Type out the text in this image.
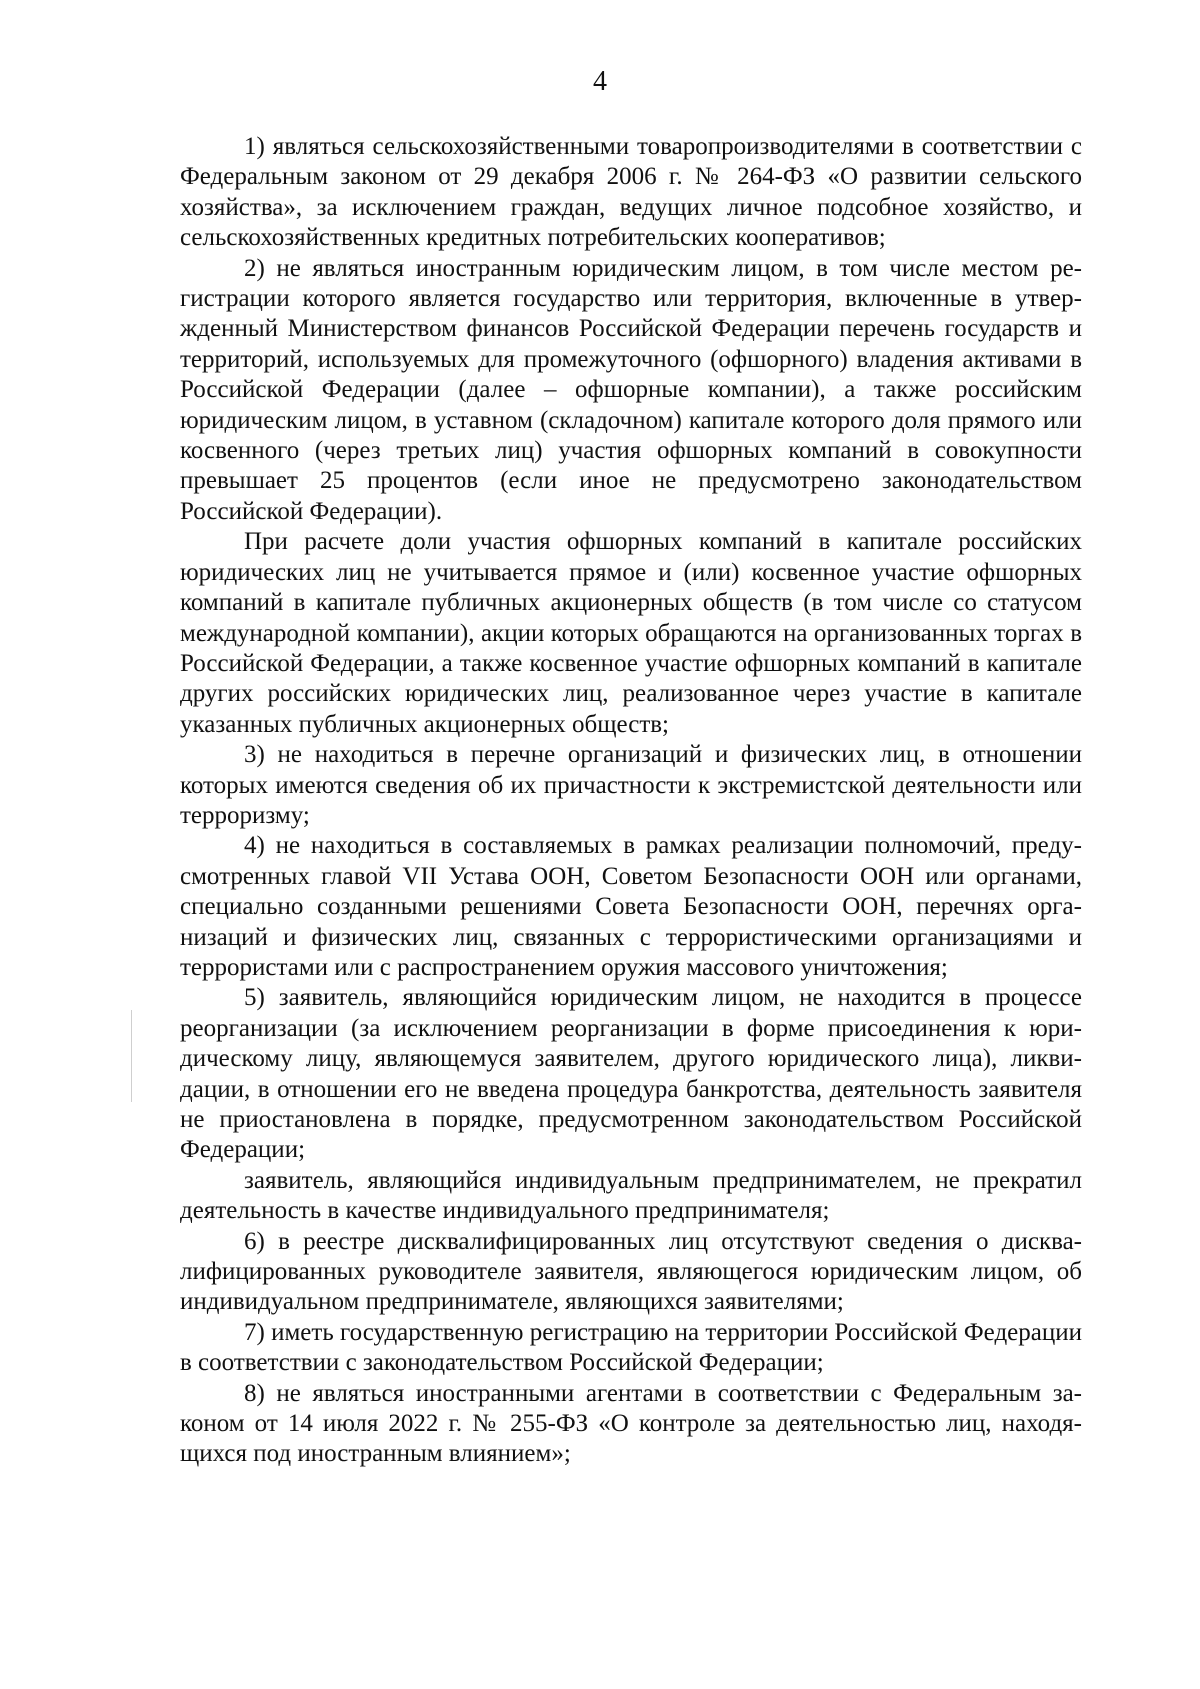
4

1) являться сельскохозяйственными товаропроизводителями в соответствии с Федеральным законом от 29 декабря 2006 г. № 264-ФЗ «О развитии сельского хозяйства», за исключением граждан, ведущих личное подсобное хозяйство, и сельскохозяйственных кредитных потребительских кооперативов;

2) не являться иностранным юридическим лицом, в том числе местом регистрации которого является государство или территория, включенные в утвержденный Министерством финансов Российской Федерации перечень государств и территорий, используемых для промежуточного (офшорного) владения активами в Российской Федерации (далее – офшорные компании), а также российским юридическим лицом, в уставном (складочном) капитале которого доля прямого или косвенного (через третьих лиц) участия офшорных компаний в совокупности превышает 25 процентов (если иное не предусмотрено законодательством Российской Федерации).

При расчете доли участия офшорных компаний в капитале российских юридических лиц не учитывается прямое и (или) косвенное участие офшорных компаний в капитале публичных акционерных обществ (в том числе со статусом международной компании), акции которых обращаются на организованных торгах в Российской Федерации, а также косвенное участие офшорных компаний в капитале других российских юридических лиц, реализованное через участие в капитале указанных публичных акционерных обществ;

3) не находиться в перечне организаций и физических лиц, в отношении которых имеются сведения об их причастности к экстремистской деятельности или терроризму;

4) не находиться в составляемых в рамках реализации полномочий, предусмотренных главой VII Устава ООН, Советом Безопасности ООН или органами, специально созданными решениями Совета Безопасности ООН, перечнях организаций и физических лиц, связанных с террористическими организациями и террористами или с распространением оружия массового уничтожения;

5) заявитель, являющийся юридическим лицом, не находится в процессе реорганизации (за исключением реорганизации в форме присоединения к юридическому лицу, являющемуся заявителем, другого юридического лица), ликвидации, в отношении его не введена процедура банкротства, деятельность заявителя не приостановлена в порядке, предусмотренном законодательством Российской Федерации;

заявитель, являющийся индивидуальным предпринимателем, не прекратил деятельность в качестве индивидуального предпринимателя;

6) в реестре дисквалифицированных лиц отсутствуют сведения о дисквалифицированных руководителе заявителя, являющегося юридическим лицом, об индивидуальном предпринимателе, являющихся заявителями;

7) иметь государственную регистрацию на территории Российской Федерации в соответствии с законодательством Российской Федерации;

8) не являться иностранными агентами в соответствии с Федеральным законом от 14 июля 2022 г. № 255-ФЗ «О контроле за деятельностью лиц, находящихся под иностранным влиянием»;
